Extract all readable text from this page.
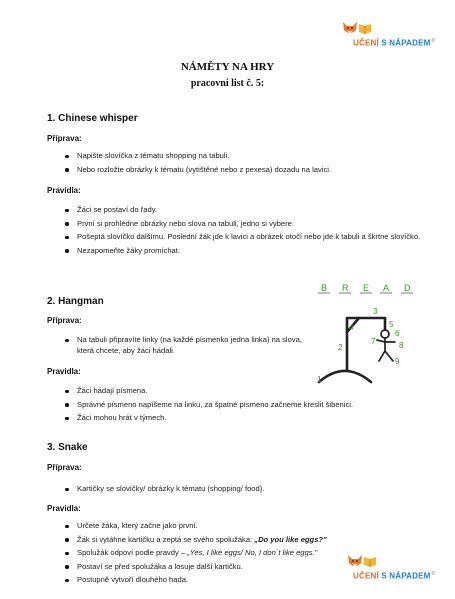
UČENÍ S NÁPADEM®
NÁMĚTY NA HRY
pracovní list č. 5:
1. Chinese whisper
Příprava:
Napište slovíčka z tématu shopping na tabuli.
Nebo rozložte obrázky k tématu (vytištěné nebo z pexesa) dozadu na lavici.
Pravidla:
Žáci se postaví do řady.
První si prohlédne obrázky nebo slova na tabuli, jedno si vybere.
Pošeptá slovíčko dalšímu. Poslední žák jde k lavici a obrázek otočí nebo jde k tabuli a škrtne slovíčko.
Nezapomeňte žáky promíchat.
2. Hangman
Příprava:
Na tabuli připravíte linky (na každé písmenko jedna linka) na slova, která chcete, aby žáci hádali.
Pravidla:
Žáci hádají písmena.
Správné písmeno napíšeme na linku, za špatné písmeno začneme kreslit šibenici.
Žáci mohou hrát v týmech.
B R E A D
1
2
3
4	5
6
7	8
9
3. Snake
Příprava:
Kartičky se slovíčky/ obrázky k tématu (shopping/ food).
Pravidla:
Určete žáka, který začne jako první.
Žák si vytáhne kartičku a zeptá se svého spolužáka: „Do you like eggs?"
Spolužák odpoví podle pravdy – „Yes, I like eggs/ No, I don´t like eggs."
Postaví se před spolužáka a losuje další kartičku.
Postupně vytvoří dlouhého hada.	UČENÍ S NÁPADEM®
